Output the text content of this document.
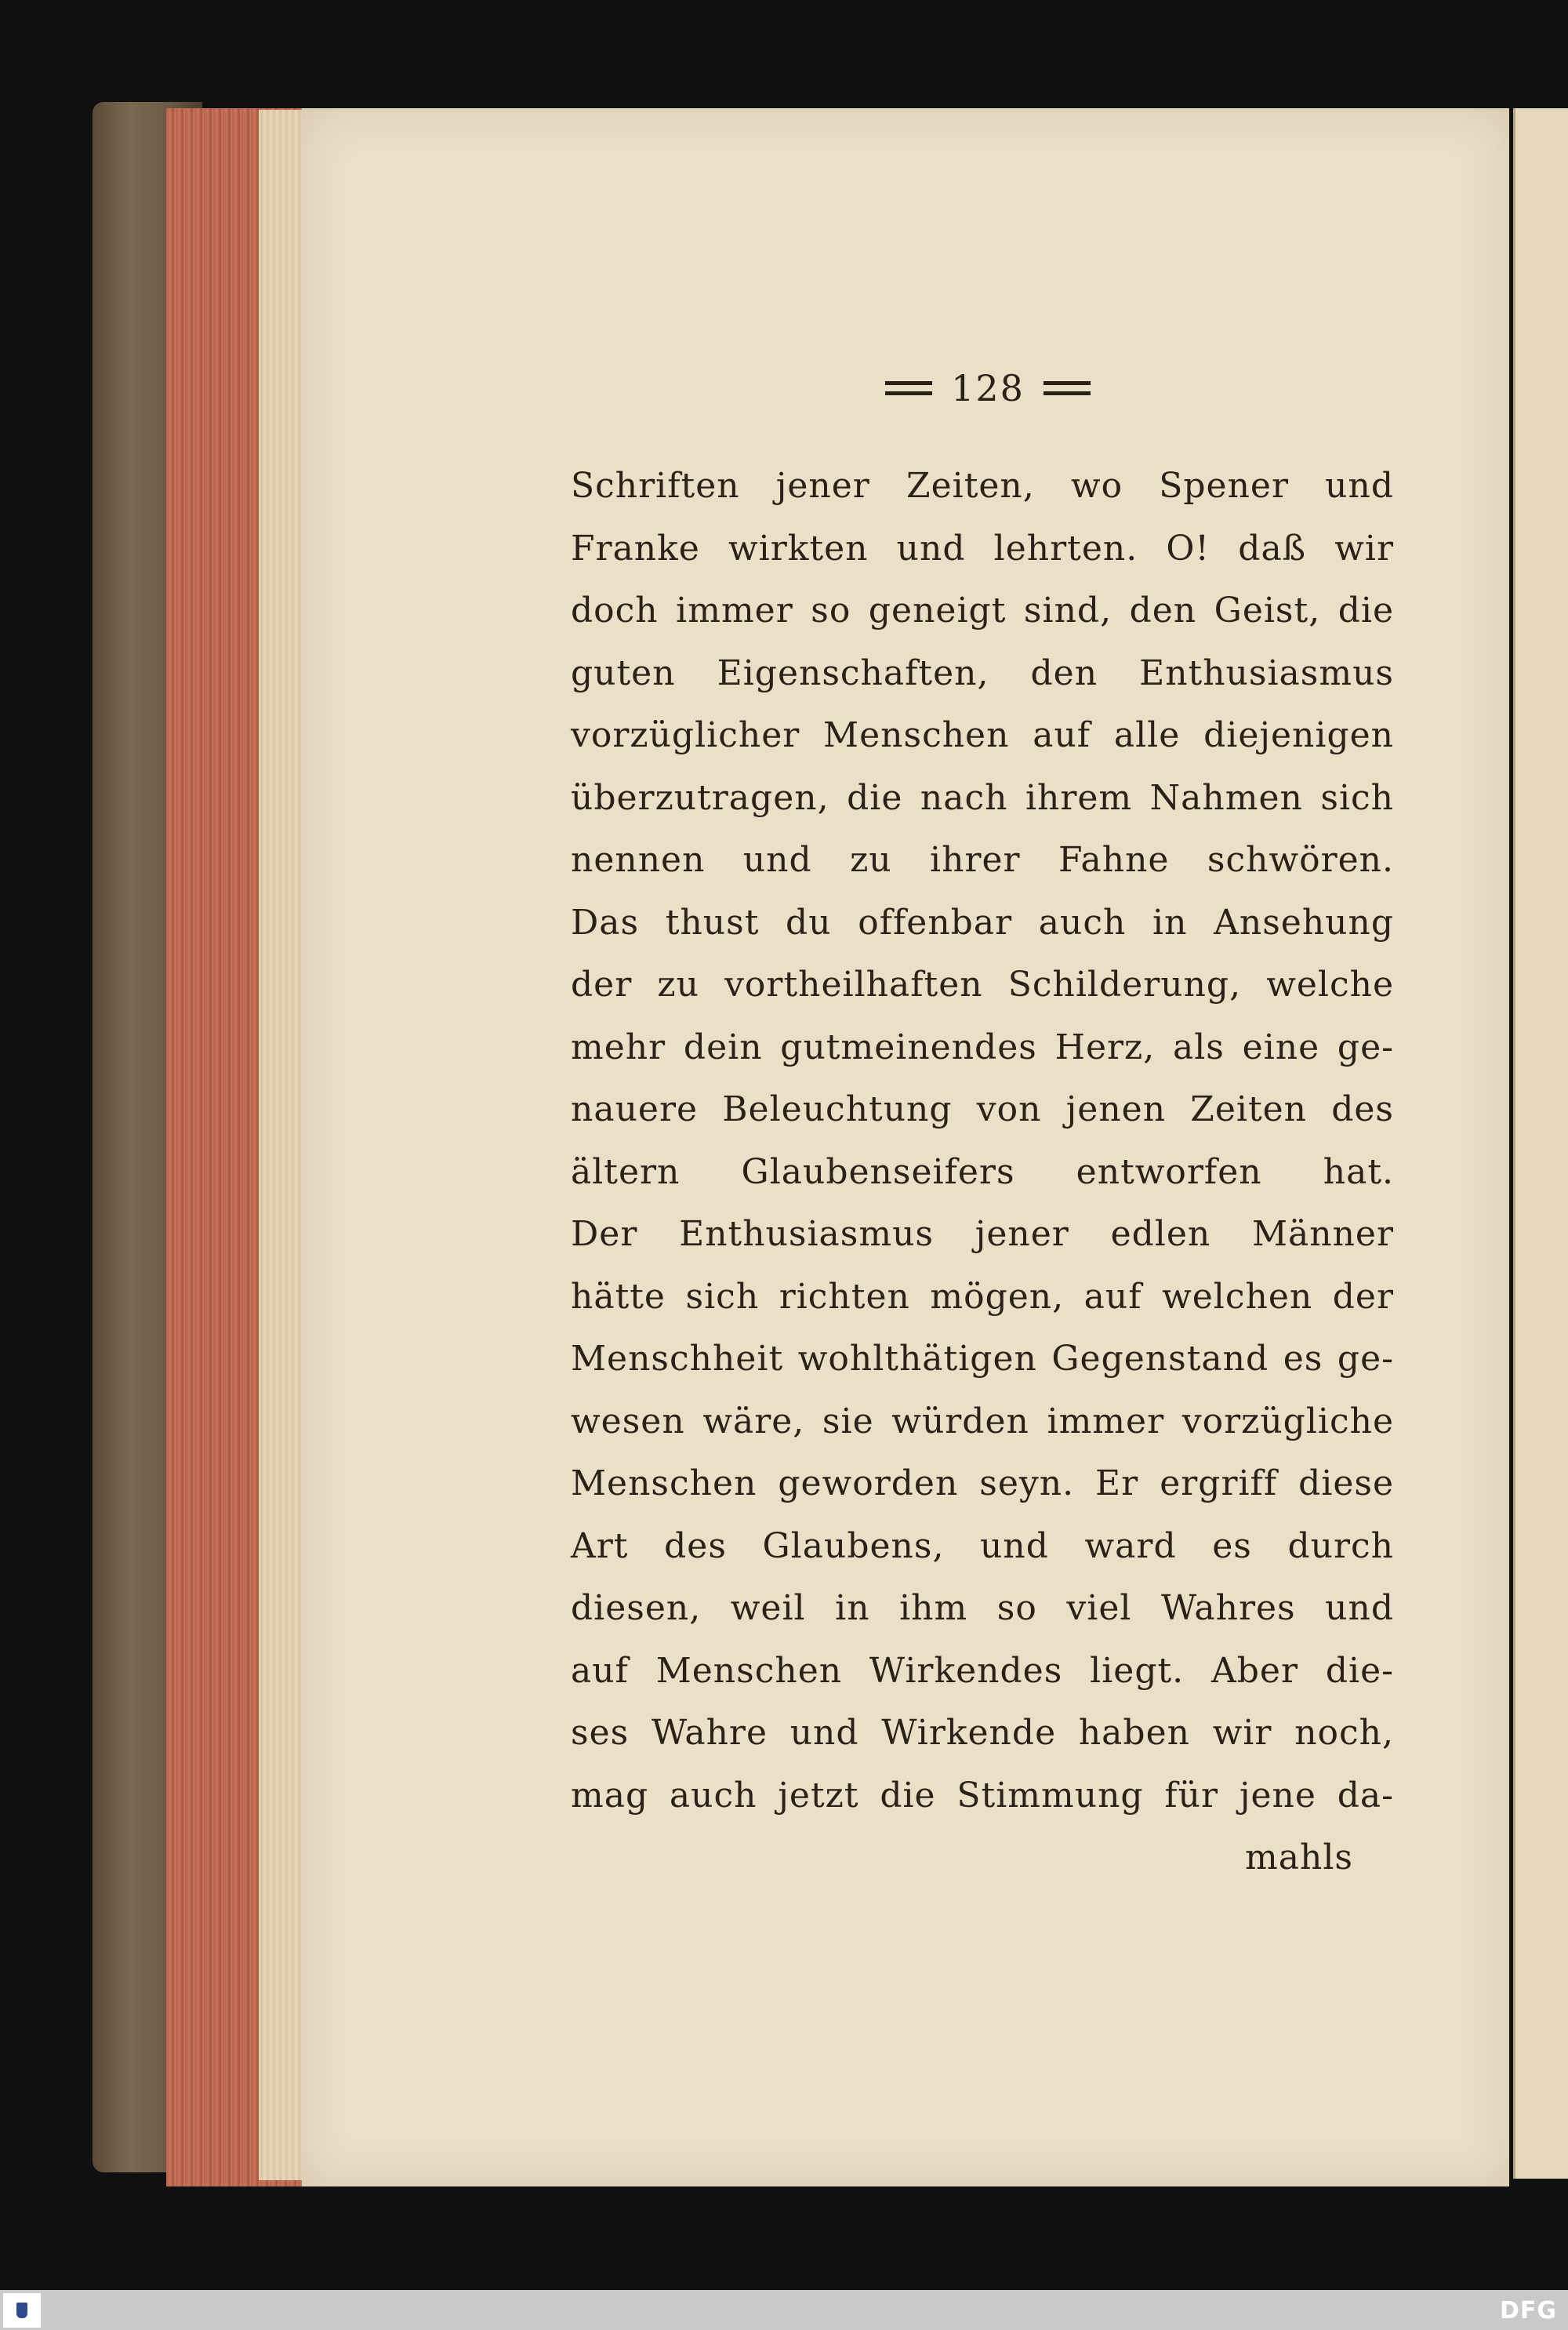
128
Schriften jener Zeiten, wo Spener und
Franke wirkten und lehrten. O! daß wir
doch immer so geneigt sind, den Geist, die
guten Eigenschaften, den Enthusiasmus
vorzüglicher Menschen auf alle diejenigen
überzutragen, die nach ihrem Nahmen sich
nennen und zu ihrer Fahne schwören.
Das thust du offenbar auch in Ansehung
der zu vortheilhaften Schilderung, welche
mehr dein gutmeinendes Herz, als eine ge-
nauere Beleuchtung von jenen Zeiten des
ältern Glaubenseifers entworfen hat.
Der Enthusiasmus jener edlen Männer
hätte sich richten mögen, auf welchen der
Menschheit wohlthätigen Gegenstand es ge-
wesen wäre, sie würden immer vorzügliche
Menschen geworden seyn. Er ergriff diese
Art des Glaubens, und ward es durch
diesen, weil in ihm so viel Wahres und
auf Menschen Wirkendes liegt. Aber die-
ses Wahre und Wirkende haben wir noch,
mag auch jetzt die Stimmung für jene da-
mahls
DFG
